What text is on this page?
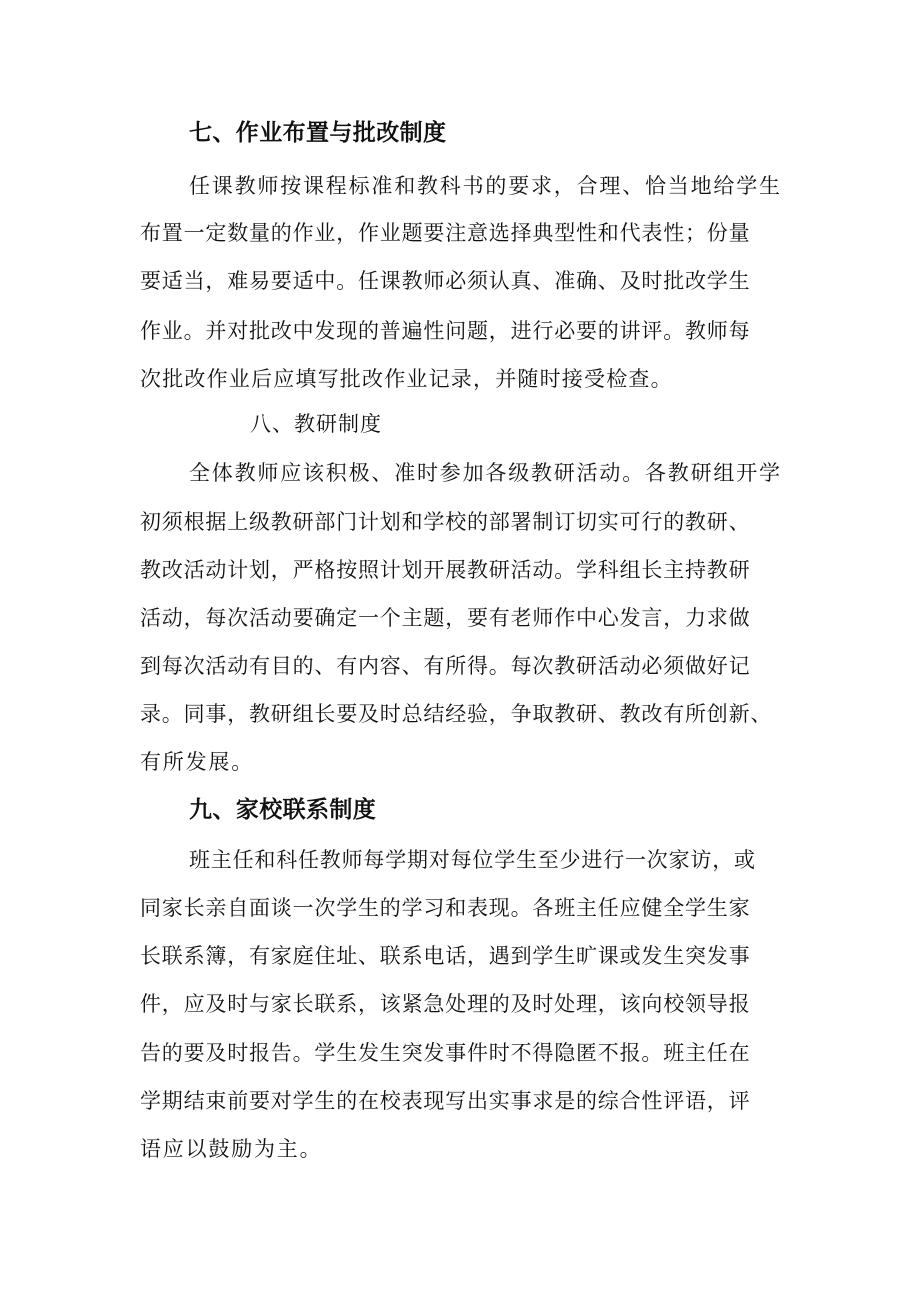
七、作业布置与批改制度
任课教师按课程标准和教科书的要求，合理、恰当地给学生
布置一定数量的作业，作业题要注意选择典型性和代表性；份量
要适当，难易要适中。任课教师必须认真、准确、及时批改学生
作业。并对批改中发现的普遍性问题，进行必要的讲评。教师每
次批改作业后应填写批改作业记录，并随时接受检查。
八、教研制度
全体教师应该积极、准时参加各级教研活动。各教研组开学
初须根据上级教研部门计划和学校的部署制订切实可行的教研、
教改活动计划，严格按照计划开展教研活动。学科组长主持教研
活动，每次活动要确定一个主题，要有老师作中心发言，力求做
到每次活动有目的、有内容、有所得。每次教研活动必须做好记
录。同事，教研组长要及时总结经验，争取教研、教改有所创新、
有所发展。
九、家校联系制度
班主任和科任教师每学期对每位学生至少进行一次家访，或
同家长亲自面谈一次学生的学习和表现。各班主任应健全学生家
长联系簿，有家庭住址、联系电话，遇到学生旷课或发生突发事
件，应及时与家长联系，该紧急处理的及时处理，该向校领导报
告的要及时报告。学生发生突发事件时不得隐匿不报。班主任在
学期结束前要对学生的在校表现写出实事求是的综合性评语，评
语应以鼓励为主。
